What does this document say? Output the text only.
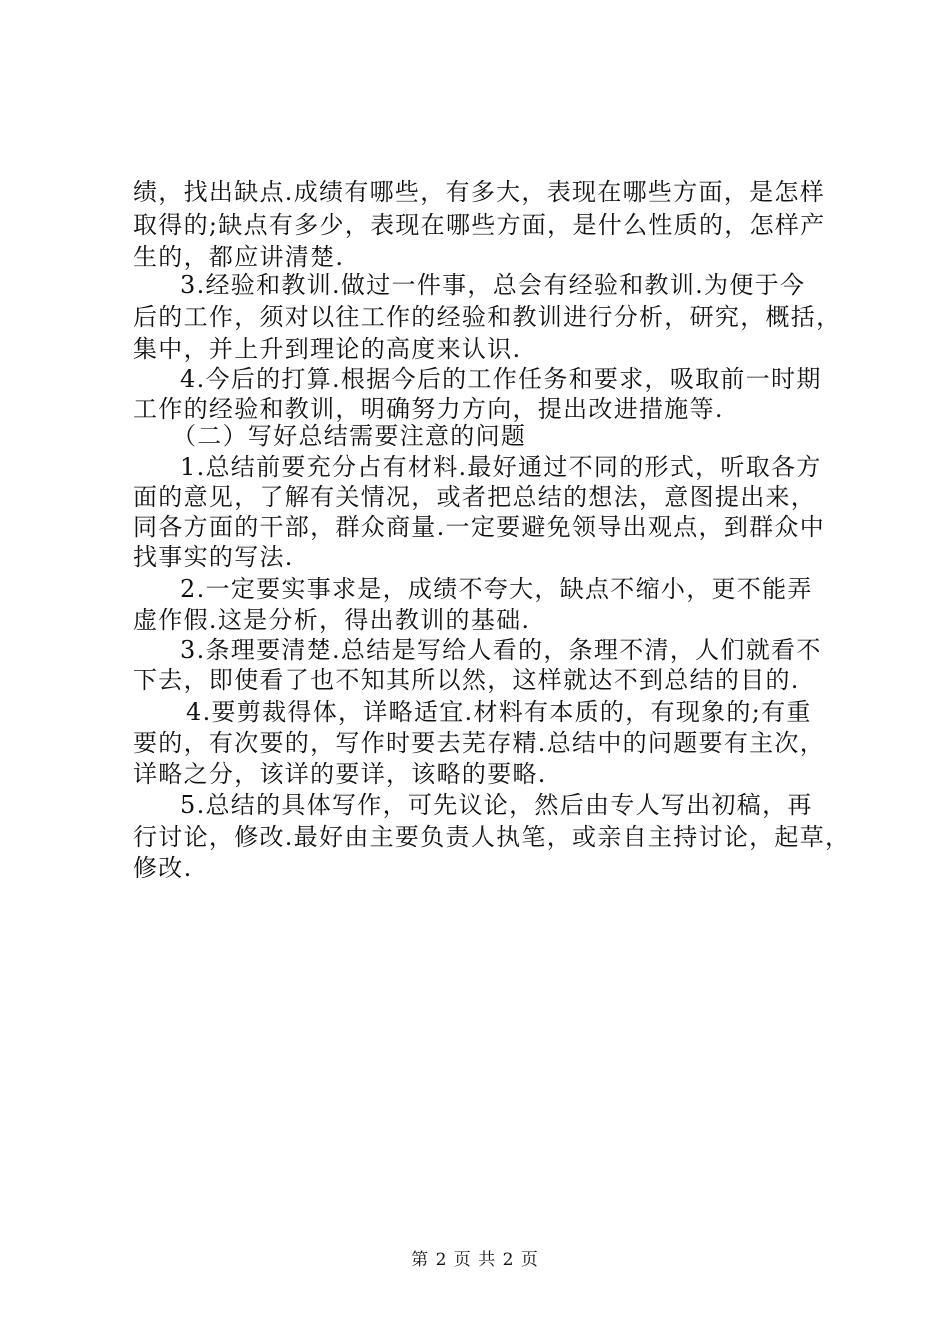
绩，找出缺点.成绩有哪些，有多大，表现在哪些方面，是怎样
取得的;缺点有多少，表现在哪些方面，是什么性质的，怎样产
生的，都应讲清楚.
3.经验和教训.做过一件事，总会有经验和教训.为便于今
后的工作，须对以往工作的经验和教训进行分析，研究，概括，
集中，并上升到理论的高度来认识.
4.今后的打算.根据今后的工作任务和要求，吸取前一时期
工作的经验和教训，明确努力方向，提出改进措施等.
（二）写好总结需要注意的问题
1.总结前要充分占有材料.最好通过不同的形式，听取各方
面的意见，了解有关情况，或者把总结的想法，意图提出来，
同各方面的干部，群众商量.一定要避免领导出观点，到群众中
找事实的写法.
2.一定要实事求是，成绩不夸大，缺点不缩小，更不能弄
虚作假.这是分析，得出教训的基础.
3.条理要清楚.总结是写给人看的，条理不清，人们就看不
下去，即使看了也不知其所以然，这样就达不到总结的目的.
4.要剪裁得体，详略适宜.材料有本质的，有现象的;有重
要的，有次要的，写作时要去芜存精.总结中的问题要有主次，
详略之分，该详的要详，该略的要略.
5.总结的具体写作，可先议论，然后由专人写出初稿，再
行讨论，修改.最好由主要负责人执笔，或亲自主持讨论，起草，
修改.
第 2 页 共 2 页
